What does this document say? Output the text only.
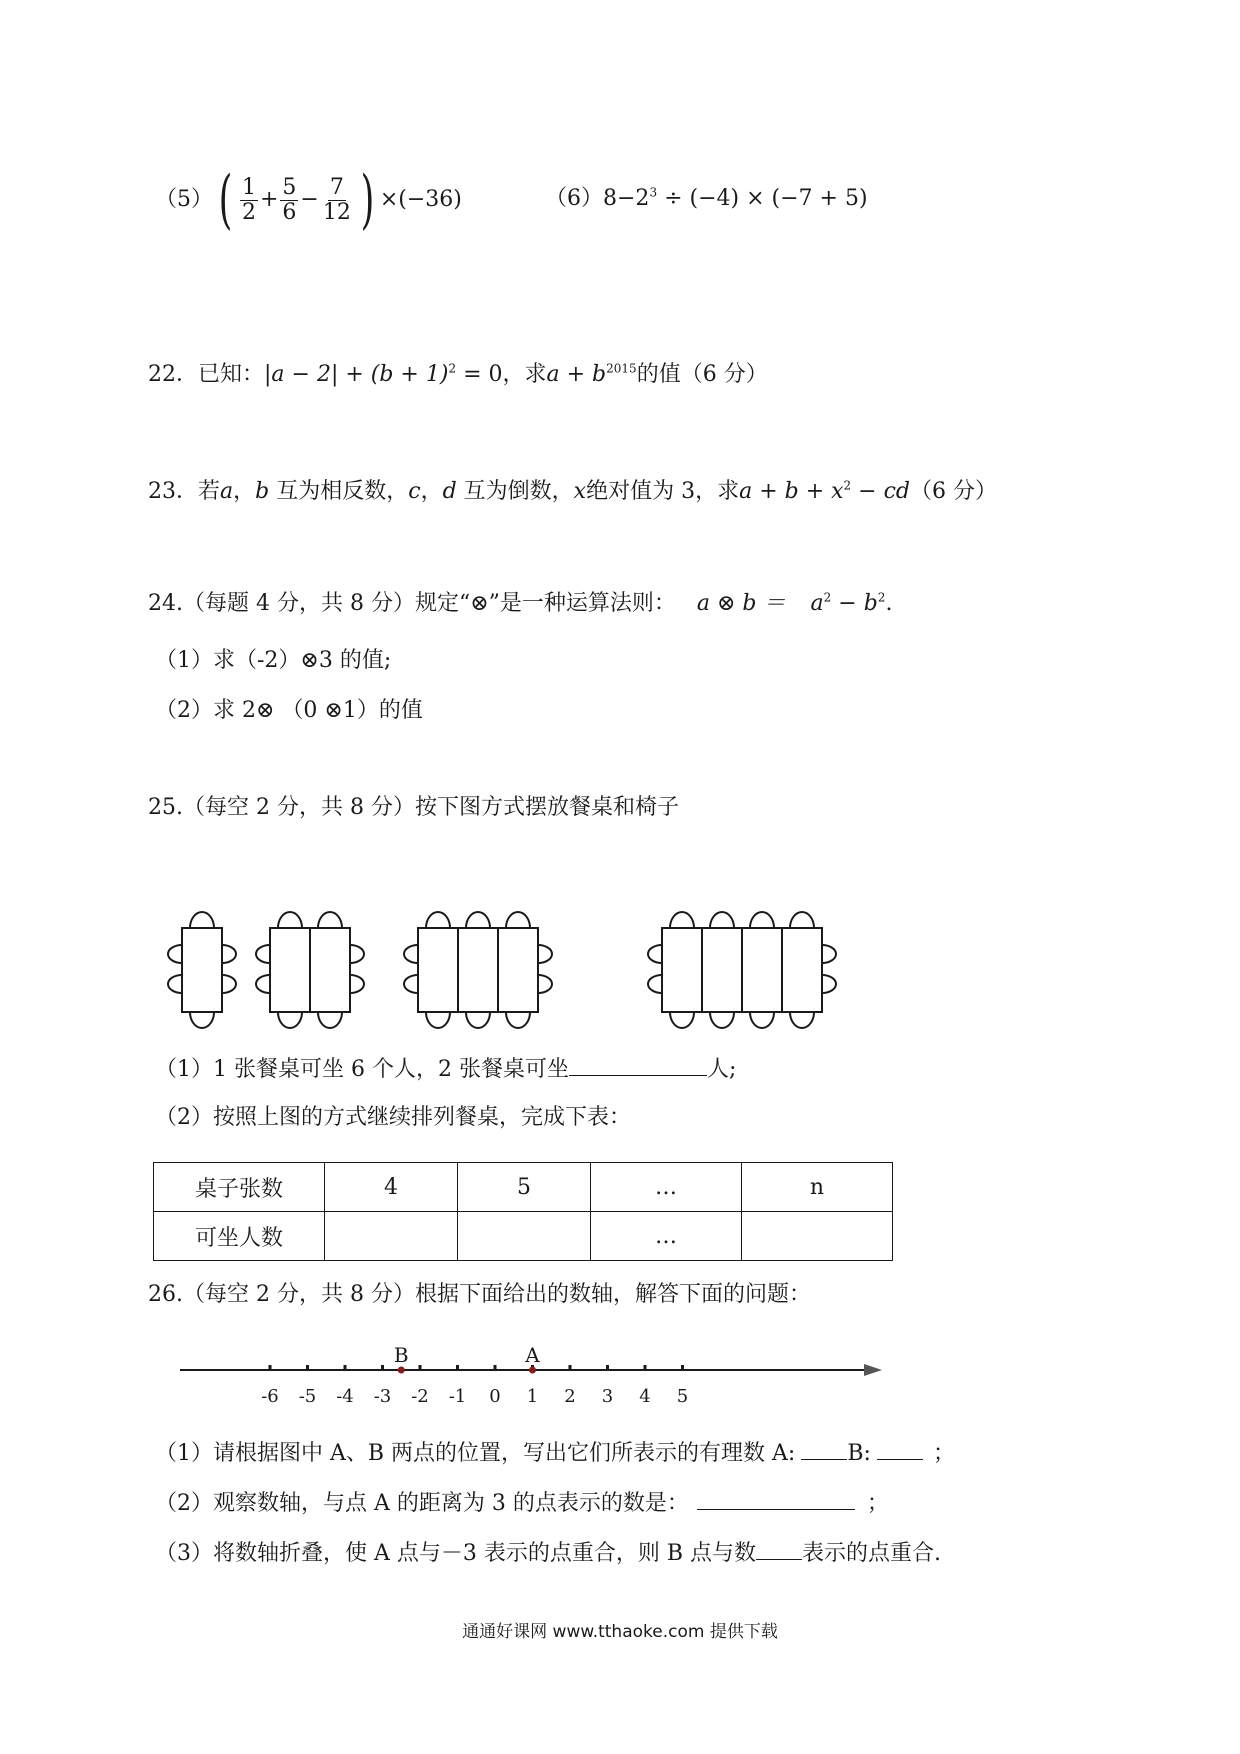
$(5)( \frac{1}{2} + \frac{5}{6} - \frac{7}{12}$ ) ×(−36)	$(6)8-2^3 \div (-4) \times (-7 + 5)$
22．已知：$|a - 2| + (b + 1)^2 = 0$，求$a + b^{2015}$的值（6 分）
23．若a，b 互为相反数，c，d 互为倒数，x绝对值为 3，求$a + b + x^2 - cd(6$ 分）
24.（每题 4 分，共 8 分）规定“⊗”是一种运算法则： a ⊗ $b = a^2 - b^2$.
（1）求（-2）⊗3 的值;
（2）求 2⊗ （0 ⊗1）的值
25.（每空 2 分，共 8 分）按下图方式摆放餐桌和椅子
（1）1 张餐桌可坐 6 个人，2 张餐桌可坐	人;
（2）按照上图的方式继续排列餐桌，完成下表：
桌子张数	4	5	…	n
可坐人数			…	
26.（每空 2 分，共 8 分）根据下面给出的数轴，解答下面的问题：
-6 -5 -4 -3 -2 -1 0 1 2 3 4 5
A
B
（1）请根据图中 A、B 两点的位置，写出它们所表示的有理数 A: B:	；
（2）观察数轴，与点 A 的距离为 3 的点表示的数是：	；
（3）将数轴折叠，使 A 点与－3 表示的点重合，则 B 点与数 表示的点重合.
通通好课网 www.tthaoke.com 提供下载
